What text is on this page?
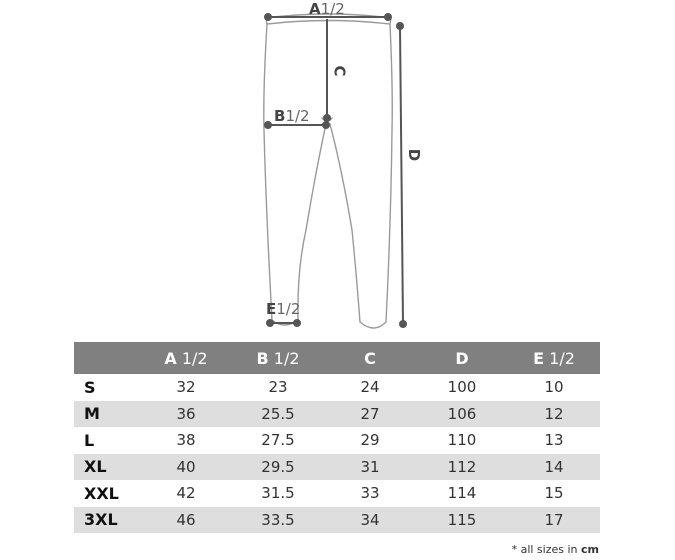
A1/2
C
B1/2
D
E1/2
	A 1/2	B 1/2	C	D	E 1/2
S	32	23	24	100	10
M	36	25.5	27	106	12
L	38	27.5	29	110	13
XL	40	29.5	31	112	14
XXL	42	31.5	33	114	15
3XL	46	33.5	34	115	17
* all sizes in cm
